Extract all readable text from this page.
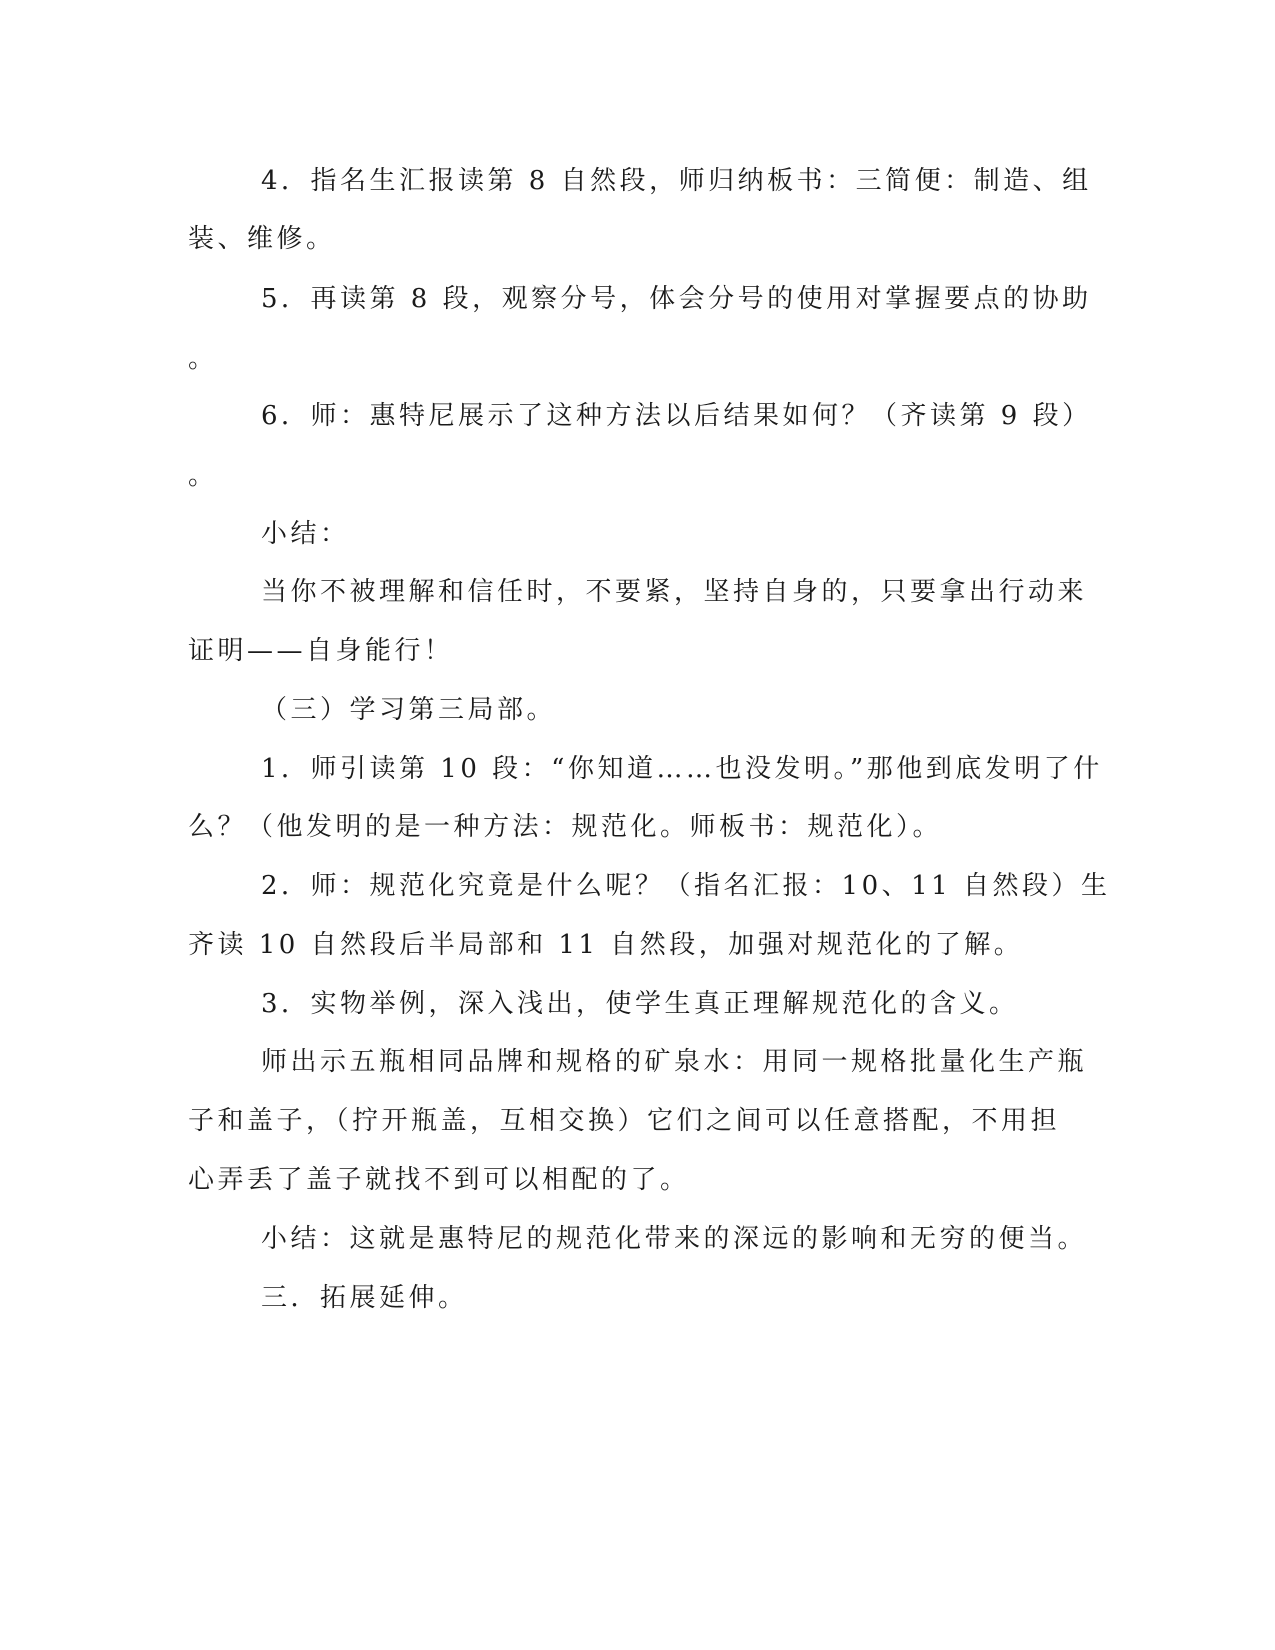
4．指名生汇报读第 8 自然段，师归纳板书：三简便：制造、组
装、维修。
5．再读第 8 段，观察分号，体会分号的使用对掌握要点的协助
。
6．师：惠特尼展示了这种方法以后结果如何？（齐读第 9 段）
。
小结：
当你不被理解和信任时，不要紧，坚持自身的，只要拿出行动来
证明——自身能行！
（三）学习第三局部。
1．师引读第 10 段：“你知道……也没发明。”那他到底发明了什
么？（他发明的是一种方法：规范化。师板书：规范化）。
2．师：规范化究竟是什么呢？（指名汇报：10、11 自然段）生
齐读 10 自然段后半局部和 11 自然段，加强对规范化的了解。
3．实物举例，深入浅出，使学生真正理解规范化的含义。
师出示五瓶相同品牌和规格的矿泉水：用同一规格批量化生产瓶
子和盖子，（拧开瓶盖，互相交换）它们之间可以任意搭配，不用担
心弄丢了盖子就找不到可以相配的了。
小结：这就是惠特尼的规范化带来的深远的影响和无穷的便当。
三．拓展延伸。
